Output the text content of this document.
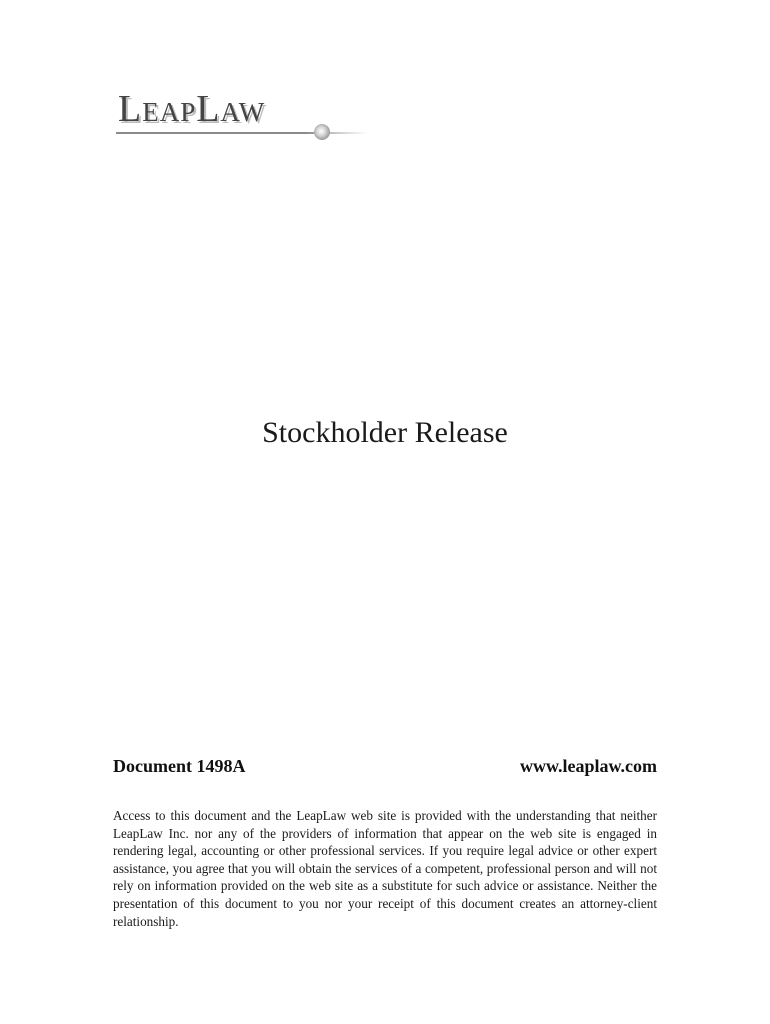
LeapLaw
Stockholder Release
Document 1498A	www.leaplaw.com

Access to this document and the LeapLaw web site is provided with the understanding that neither LeapLaw Inc. nor any of the providers of information that appear on the web site is engaged in rendering legal, accounting or other professional services. If you require legal advice or other expert assistance, you agree that you will obtain the services of a competent, professional person and will not rely on information provided on the web site as a substitute for such advice or assistance. Neither the presentation of this document to you nor your receipt of this document creates an attorney-client relationship.
